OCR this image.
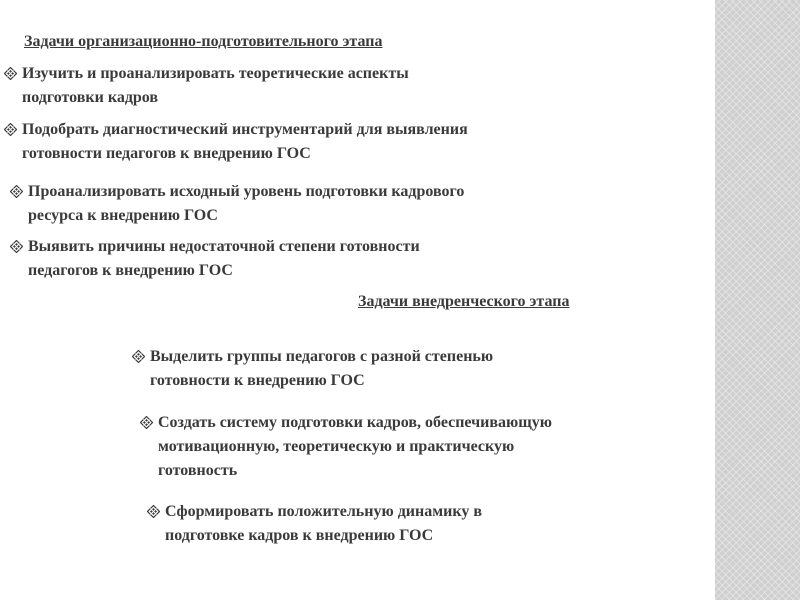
Задачи организационно-подготовительного этапа

Изучить и проанализировать теоретические аспекты
подготовки кадров
Подобрать диагностический инструментарий для выявления
готовности педагогов к внедрению ГОС
Проанализировать исходный уровень подготовки кадрового
ресурса к внедрению ГОС
Выявить причины недостаточной степени готовности
педагогов к внедрению ГОС

Задачи внедренческого этапа

Выделить группы педагогов с разной степенью
готовности к внедрению ГОС
Создать систему подготовки кадров, обеспечивающую
мотивационную, теоретическую и практическую
готовность
Сформировать положительную динамику в
подготовке кадров к внедрению ГОС
